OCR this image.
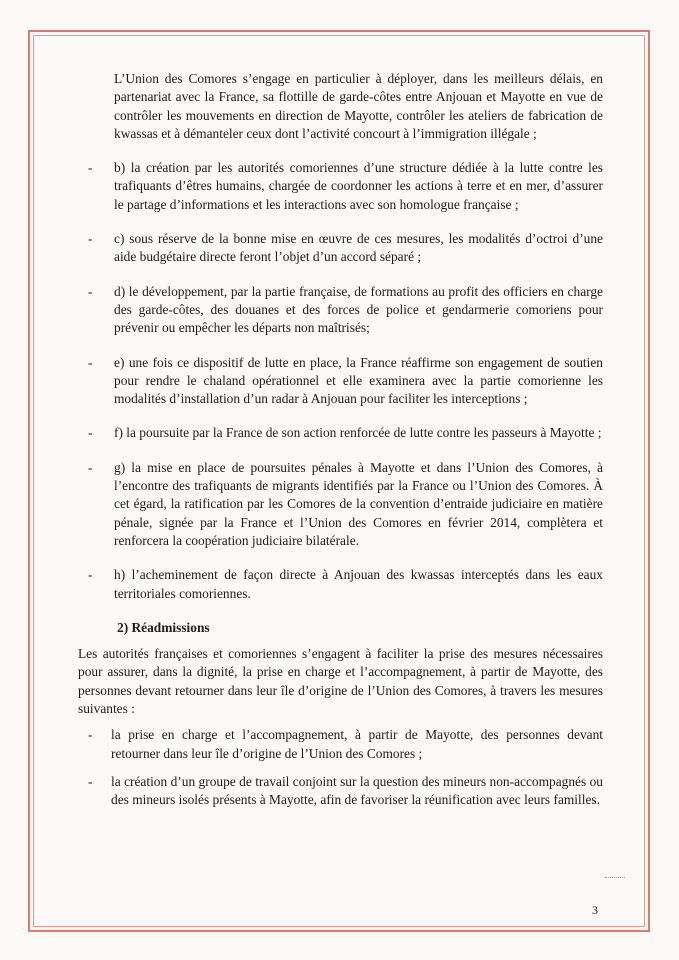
L’Union des Comores s’engage en particulier à déployer, dans les meilleurs délais, en partenariat avec la France, sa flottille de garde-côtes entre Anjouan et Mayotte en vue de contrôler les mouvements en direction de Mayotte, contrôler les ateliers de fabrication de kwassas et à démanteler ceux dont l’activité concourt à l’immigration illégale ;

- b) la création par les autorités comoriennes d’une structure dédiée à la lutte contre les trafiquants d’êtres humains, chargée de coordonner les actions à terre et en mer, d’assurer le partage d’informations et les interactions avec son homologue française ;

- c) sous réserve de la bonne mise en œuvre de ces mesures, les modalités d’octroi d’une aide budgétaire directe feront l’objet d’un accord séparé ;

- d) le développement, par la partie française, de formations au profit des officiers en charge des garde-côtes, des douanes et des forces de police et gendarmerie comoriens pour prévenir ou empêcher les départs non maîtrisés;

- e) une fois ce dispositif de lutte en place, la France réaffirme son engagement de soutien pour rendre le chaland opérationnel et elle examinera avec la partie comorienne les modalités d’installation d’un radar à Anjouan pour faciliter les interceptions ;

- f) la poursuite par la France de son action renforcée de lutte contre les passeurs à Mayotte ;

- g) la mise en place de poursuites pénales à Mayotte et dans l’Union des Comores, à l’encontre des trafiquants de migrants identifiés par la France ou l’Union des Comores. À cet égard, la ratification par les Comores de la convention d’entraide judiciaire en matière pénale, signée par la France et l’Union des Comores en février 2014, complètera et renforcera la coopération judiciaire bilatérale.

- h) l’acheminement de façon directe à Anjouan des kwassas interceptés dans les eaux territoriales comoriennes.

2) Réadmissions

Les autorités françaises et comoriennes s’engagent à faciliter la prise des mesures nécessaires pour assurer, dans la dignité, la prise en charge et l’accompagnement, à partir de Mayotte, des personnes devant retourner dans leur île d’origine de l’Union des Comores, à travers les mesures suivantes :

- la prise en charge et l’accompagnement, à partir de Mayotte, des personnes devant retourner dans leur île d’origine de l’Union des Comores ;

- la création d’un groupe de travail conjoint sur la question des mineurs non-accompagnés ou des mineurs isolés présents à Mayotte, afin de favoriser la réunification avec leurs familles.

3
